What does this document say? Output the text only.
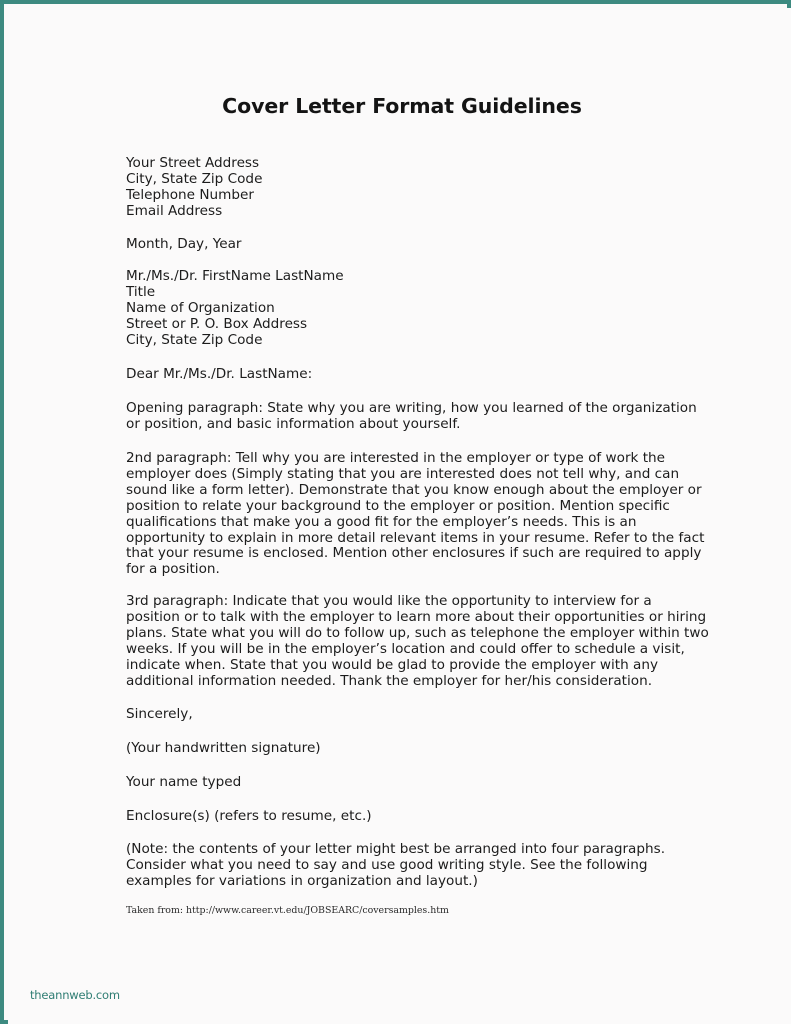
Cover Letter Format Guidelines
Your Street Address
City, State Zip Code
Telephone Number
Email Address
Month, Day, Year
Mr./Ms./Dr. FirstName LastName
Title
Name of Organization
Street or P. O. Box Address
City, State Zip Code
Dear Mr./Ms./Dr. LastName:
Opening paragraph: State why you are writing, how you learned of the organization
or position, and basic information about yourself.
2nd paragraph: Tell why you are interested in the employer or type of work the
employer does (Simply stating that you are interested does not tell why, and can
sound like a form letter). Demonstrate that you know enough about the employer or
position to relate your background to the employer or position. Mention specific
qualifications that make you a good fit for the employer’s needs. This is an
opportunity to explain in more detail relevant items in your resume. Refer to the fact
that your resume is enclosed. Mention other enclosures if such are required to apply
for a position.
3rd paragraph: Indicate that you would like the opportunity to interview for a
position or to talk with the employer to learn more about their opportunities or hiring
plans. State what you will do to follow up, such as telephone the employer within two
weeks. If you will be in the employer’s location and could offer to schedule a visit,
indicate when. State that you would be glad to provide the employer with any
additional information needed. Thank the employer for her/his consideration.
Sincerely,
(Your handwritten signature)
Your name typed
Enclosure(s) (refers to resume, etc.)
(Note: the contents of your letter might best be arranged into four paragraphs.
Consider what you need to say and use good writing style. See the following
examples for variations in organization and layout.)
Taken from: http://www.career.vt.edu/JOBSEARC/coversamples.htm
theannweb.com
